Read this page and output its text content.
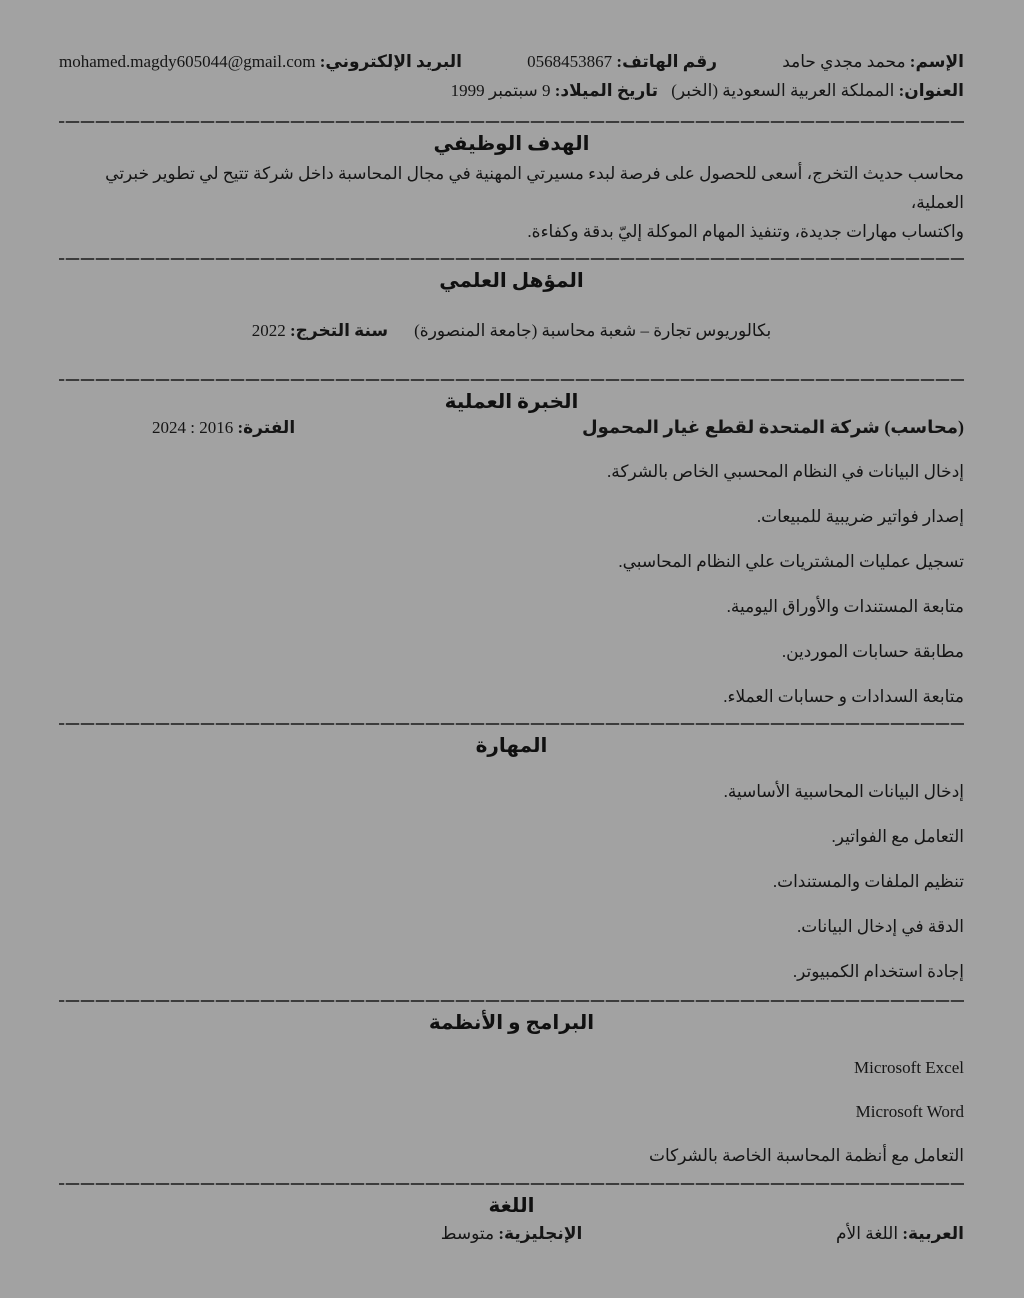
الإسم: محمد مجدي حامد
رقم الهاتف: 0568453867
البريد الإلكتروني: mohamed.magdy605044@gmail.com
العنوان: المملكة العربية السعودية (الخبر) تاريخ الميلاد: 9 سبتمبر 1999
الهدف الوظيفي
محاسب حديث التخرج، أسعى للحصول على فرصة لبدء مسيرتي المهنية في مجال المحاسبة داخل شركة تتيح لي تطوير خبرتي العملية،
واكتساب مهارات جديدة، وتنفيذ المهام الموكلة إليّ بدقة وكفاءة.
المؤهل العلمي
بكالوريوس تجارة – شعبة محاسبة (جامعة المنصورة)سنة التخرج: 2022
الخبرة العملية
(محاسب) شركة المتحدة لقطع غيار المحمول
الفترة: 2016 : 2024
إدخال البيانات في النظام المحسبي الخاص بالشركة.
إصدار فواتير ضريبية للمبيعات.
تسجيل عمليات المشتريات علي النظام المحاسبي.
متابعة المستندات والأوراق اليومية.
مطابقة حسابات الموردين.
متابعة السدادات و حسابات العملاء.
المهارة
إدخال البيانات المحاسبية الأساسية.
التعامل مع الفواتير.
تنظيم الملفات والمستندات.
الدقة في إدخال البيانات.
إجادة استخدام الكمبيوتر.
البرامج و الأنظمة
Microsoft Excel
Microsoft Word
التعامل مع أنظمة المحاسبة الخاصة بالشركات
اللغة
العربية: اللغة الأم
الإنجليزية: متوسط
